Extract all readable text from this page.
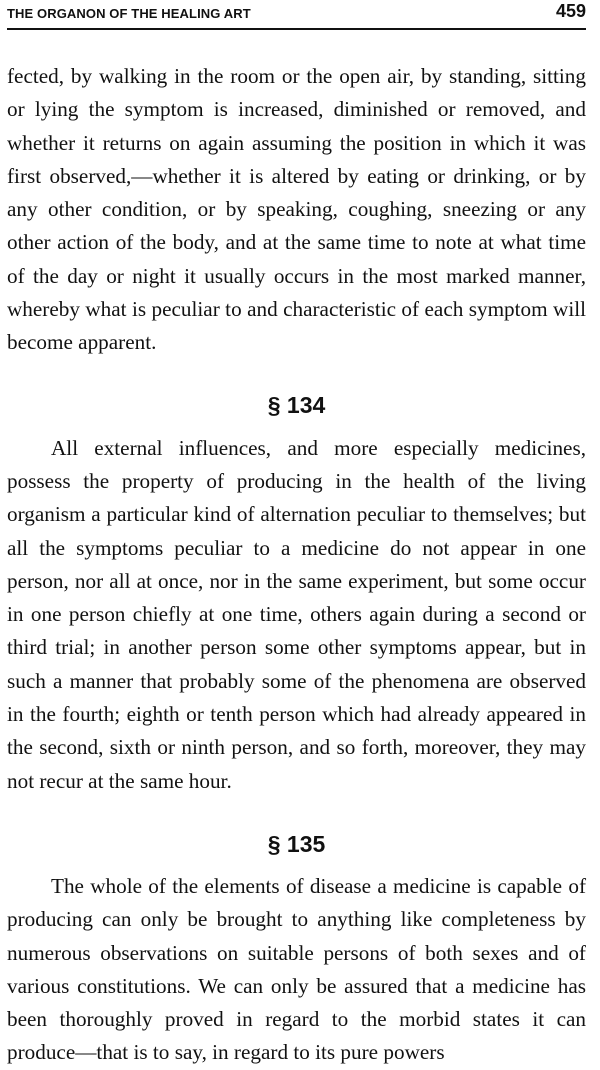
THE ORGANON OF THE HEALING ART	459

fected, by walking in the room or the open air, by standing, sitting or lying the symptom is increased, diminished or removed, and whether it returns on again assuming the position in which it was first observed,—whether it is altered by eating or drinking, or by any other condition, or by speaking, coughing, sneezing or any other action of the body, and at the same time to note at what time of the day or night it usually occurs in the most marked manner, whereby what is peculiar to and characteristic of each symptom will become apparent.

§ 134

All external influences, and more especially medicines, possess the property of producing in the health of the living organism a particular kind of alternation peculiar to themselves; but all the symptoms peculiar to a medicine do not appear in one person, nor all at once, nor in the same experiment, but some occur in one person chiefly at one time, others again during a second or third trial; in another person some other symptoms appear, but in such a manner that probably some of the phenomena are observed in the fourth; eighth or tenth person which had already appeared in the second, sixth or ninth person, and so forth, moreover, they may not recur at the same hour.

§ 135

The whole of the elements of disease a medicine is capable of producing can only be brought to anything like completeness by numerous observations on suitable persons of both sexes and of various constitutions. We can only be assured that a medicine has been thoroughly proved in regard to the morbid states it can produce—that is to say, in regard to its pure powers
